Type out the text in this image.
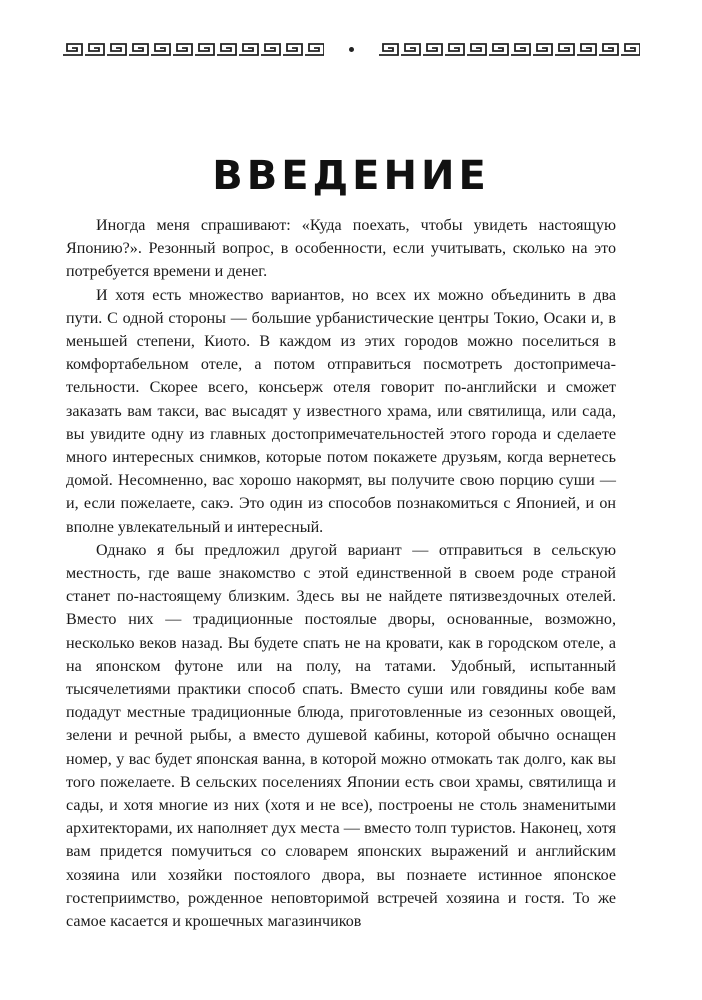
ВВЕДЕНИЕ

Иногда меня спрашивают: «Куда поехать, чтобы увидеть настоящую Японию?». Резонный вопрос, в особенности, если учитывать, сколько на это потребуется времени и денег.

И хотя есть множество вариантов, но всех их можно объединить в два пути. С одной стороны — большие урбанистические центры Токио, Осаки и, в меньшей степени, Киото. В каждом из этих городов можно поселиться в комфортабельном отеле, а потом отправиться посмотреть достопримечательности. Скорее всего, консьерж отеля говорит по-английски и сможет заказать вам такси, вас высадят у известного храма, или святилища, или сада, вы увидите одну из главных достопримечательностей этого города и сделаете много интересных снимков, которые потом покажете друзьям, когда вернетесь домой. Несомненно, вас хорошо накормят, вы получите свою порцию суши — и, если пожелаете, сакэ. Это один из способов познакомиться с Японией, и он вполне увлекательный и интересный.

Однако я бы предложил другой вариант — отправиться в сельскую местность, где ваше знакомство с этой единственной в своем роде страной станет по-настоящему близким. Здесь вы не найдете пятизвездочных отелей. Вместо них — традиционные постоялые дворы, основанные, возможно, несколько веков назад. Вы будете спать не на кровати, как в городском отеле, а на японском футоне или на полу, на татами. Удобный, испытанный тысячелетиями практики способ спать. Вместо суши или говядины кобе вам подадут местные традиционные блюда, приготовленные из сезонных овощей, зелени и речной рыбы, а вместо душевой кабины, которой обычно оснащен номер, у вас будет японская ванна, в которой можно отмокать так долго, как вы того пожелаете. В сельских поселениях Японии есть свои храмы, святилища и сады, и хотя многие из них (хотя и не все), построены не столь знаменитыми архитекторами, их наполняет дух места — вместо толп туристов. Наконец, хотя вам придется помучиться со словарем японских выражений и английским хозяина или хозяйки постоялого двора, вы познаете истинное японское гостеприимство, рожденное неповторимой встречей хозяина и гостя. То же самое касается и крошечных магазинчиков
